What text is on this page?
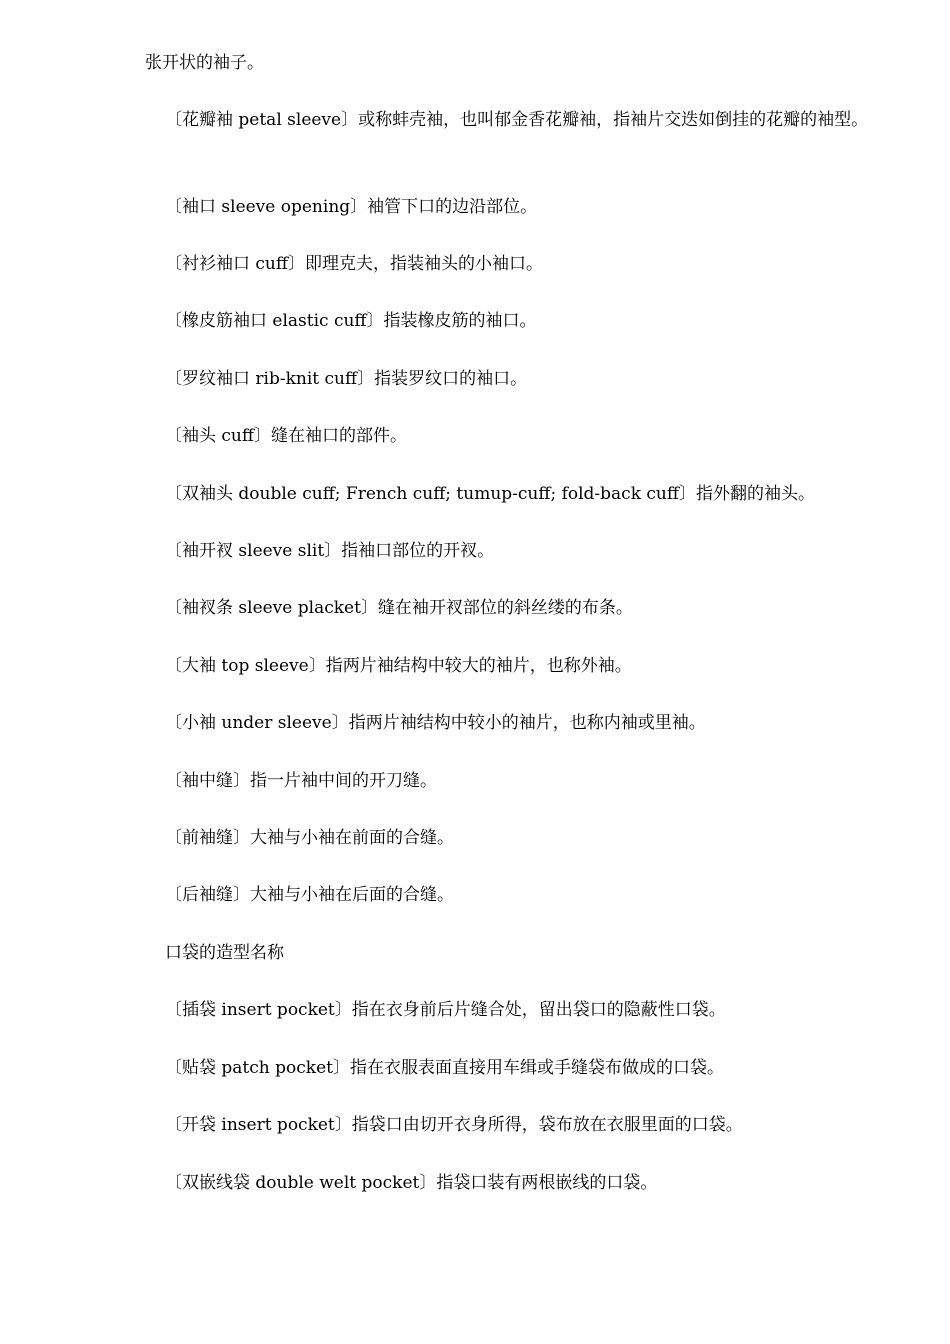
张开状的袖子。
〔花瓣袖 petal sleeve〕或称蚌壳袖，也叫郁金香花瓣袖，指袖片交迭如倒挂的花瓣的袖型。
〔袖口 sleeve opening〕袖管下口的边沿部位。
〔衬衫袖口 cuff〕即理克夫，指装袖头的小袖口。
〔橡皮筋袖口 elastic cuff〕指装橡皮筋的袖口。
〔罗纹袖口 rib-knit cuff〕指装罗纹口的袖口。
〔袖头 cuff〕缝在袖口的部件。
〔双袖头 double cuff; French cuff; tumup-cuff; fold-back cuff〕指外翻的袖头。
〔袖开衩 sleeve slit〕指袖口部位的开衩。
〔袖衩条 sleeve placket〕缝在袖开衩部位的斜丝缕的布条。
〔大袖 top sleeve〕指两片袖结构中较大的袖片，也称外袖。
〔小袖 under sleeve〕指两片袖结构中较小的袖片，也称内袖或里袖。
〔袖中缝〕指一片袖中间的开刀缝。
〔前袖缝〕大袖与小袖在前面的合缝。
〔后袖缝〕大袖与小袖在后面的合缝。
口袋的造型名称
〔插袋 insert pocket〕指在衣身前后片缝合处，留出袋口的隐蔽性口袋。
〔贴袋 patch pocket〕指在衣服表面直接用车缉或手缝袋布做成的口袋。
〔开袋 insert pocket〕指袋口由切开衣身所得，袋布放在衣服里面的口袋。
〔双嵌线袋 double welt pocket〕指袋口装有两根嵌线的口袋。
